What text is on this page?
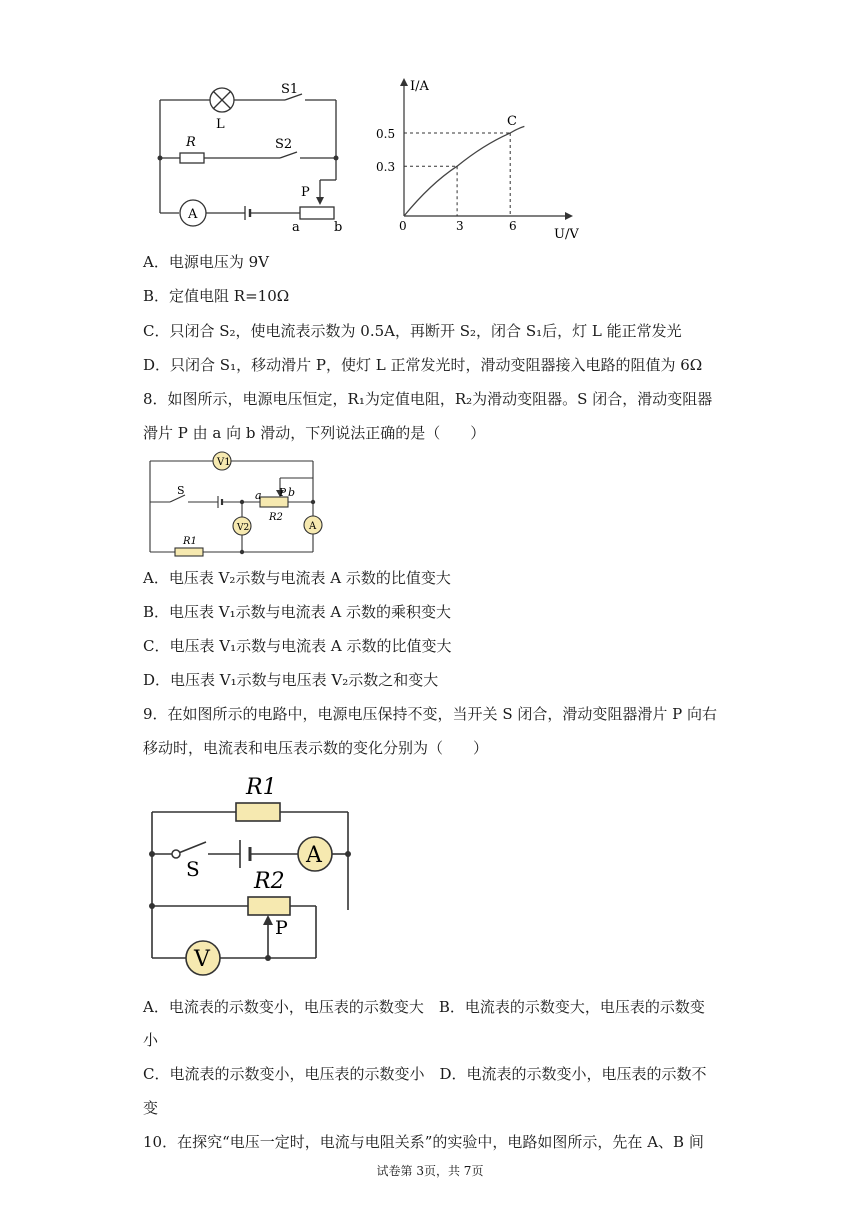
S1
L
R	S2
A
P
a	b
I/A
U/V
0
0.5
0.3
3	6
C
A．电源电压为 9V
B．定值电阻 R=10Ω
C．只闭合 S₂，使电流表示数为 0.5A，再断开 S₂，闭合 S₁后，灯 L 能正常发光
D．只闭合 S₁，移动滑片 P，使灯 L 正常发光时，滑动变阻器接入电路的阻值为 6Ω
8．如图所示，电源电压恒定，R₁为定值电阻，R₂为滑动变阻器。S 闭合，滑动变阻器
滑片 P 由 a 向 b 滑动，下列说法正确的是（　　）
V1
S	a P b
R2
V2	A
R1
A．电压表 V₂示数与电流表 A 示数的比值变大
B．电压表 V₁示数与电流表 A 示数的乘积变大
C．电压表 V₁示数与电流表 A 示数的比值变大
D．电压表 V₁示数与电压表 V₂示数之和变大
9．在如图所示的电路中，电源电压保持不变，当开关 S 闭合，滑动变阻器滑片 P 向右
移动时，电流表和电压表示数的变化分别为（　　）
R1
S
A
R2
P
V
A．电流表的示数变小，电压表的示数变大　B．电流表的示数变大，电压表的示数变
小
C．电流表的示数变小，电压表的示数变小　D．电流表的示数变小，电压表的示数不
变
10．在探究“电压一定时，电流与电阻关系”的实验中，电路如图所示，先在 A、B 间
试卷第 3页，共 7页
